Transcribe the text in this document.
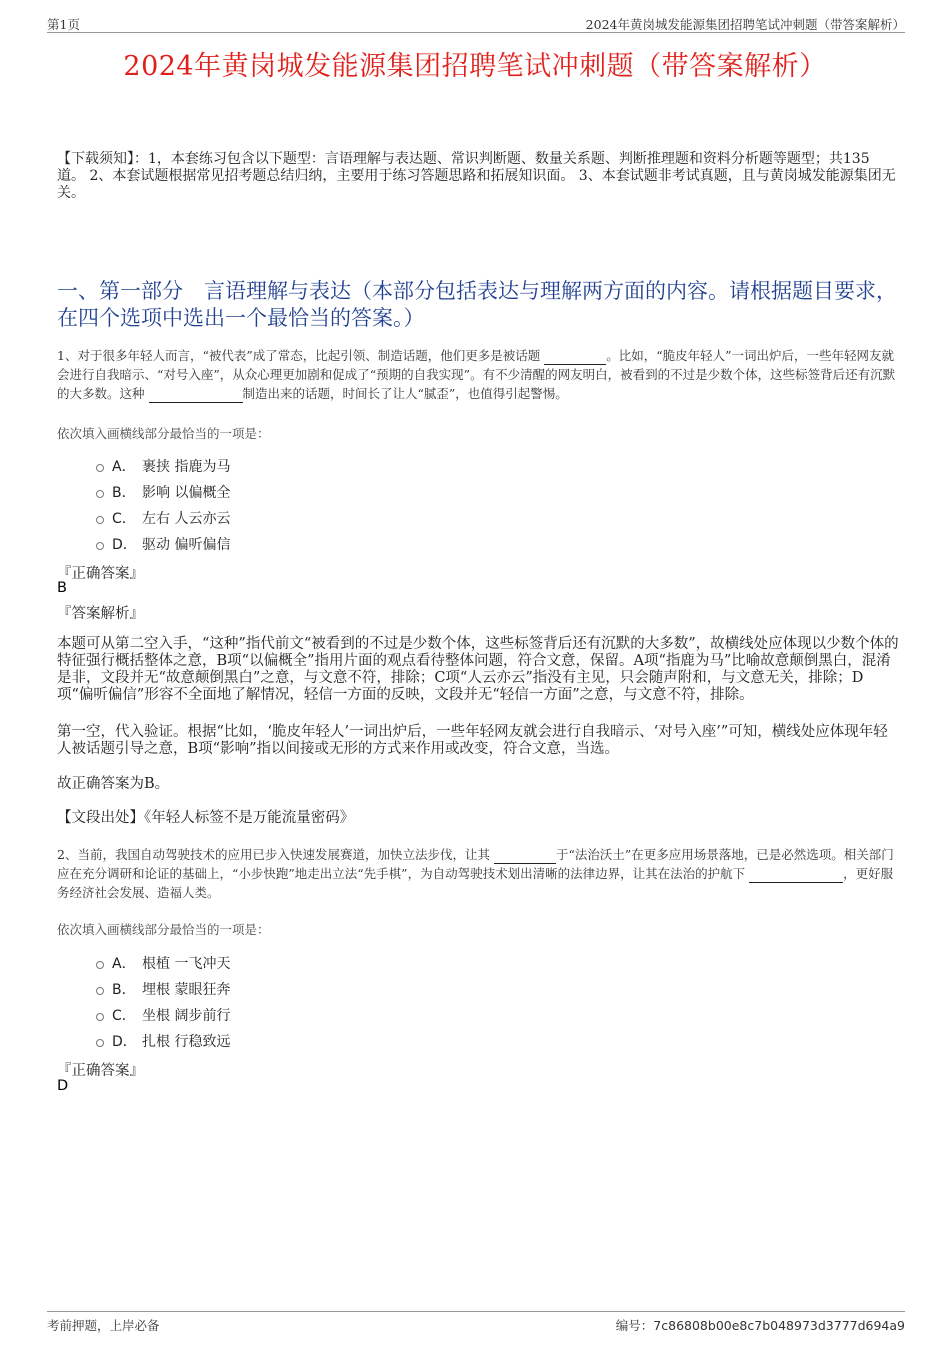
第1页	2024年黄岗城发能源集团招聘笔试冲刺题（带答案解析）
2024年黄岗城发能源集团招聘笔试冲刺题（带答案解析）
【下载须知】：1，本套练习包含以下题型：言语理解与表达题、常识判断题、数量关系题、判断推理题和资料分析题等题型；共135道。 2、本套试题根据常见招考题总结归纳，主要用于练习答题思路和拓展知识面。 3、本套试题非考试真题，且与黄岗城发能源集团无关。
一、第一部分　言语理解与表达（本部分包括表达与理解两方面的内容。请根据题目要求，在四个选项中选出一个最恰当的答案。）
1、对于很多年轻人而言，“被代表”成了常态，比起引领、制造话题，他们更多是被话题	。比如，“脆皮年轻人”一词出炉后，一些年轻网友就会进行自我暗示、“对号入座”，从众心理更加剧和促成了“预期的自我实现”。有不少清醒的网友明白，被看到的不过是少数个体，这些标签背后还有沉默的大多数。这种	制造出来的话题，时间长了让人“腻歪”，也值得引起警惕。
依次填入画横线部分最恰当的一项是：
A． 裹挟 指鹿为马
B． 影响 以偏概全
C． 左右 人云亦云
D． 驱动 偏听偏信
『正确答案』
B
『答案解析』
本题可从第二空入手，“这种”指代前文“被看到的不过是少数个体，这些标签背后还有沉默的大多数”，故横线处应体现以少数个体的特征强行概括整体之意，B项“以偏概全”指用片面的观点看待整体问题，符合文意，保留。A项“指鹿为马”比喻故意颠倒黑白，混淆是非，文段并无“故意颠倒黑白”之意，与文意不符，排除；C项“人云亦云”指没有主见，只会随声附和，与文意无关，排除；D项“偏听偏信”形容不全面地了解情况，轻信一方面的反映，文段并无“轻信一方面”之意，与文意不符，排除。
第一空，代入验证。根据“比如，‘脆皮年轻人’一词出炉后，一些年轻网友就会进行自我暗示、‘对号入座’”可知，横线处应体现年轻人被话题引导之意，B项“影响”指以间接或无形的方式来作用或改变，符合文意，当选。
故正确答案为B。
【文段出处】《年轻人标签不是万能流量密码》
2、当前，我国自动驾驶技术的应用已步入快速发展赛道，加快立法步伐，让其	于“法治沃土”在更多应用场景落地，已是必然选项。相关部门应在充分调研和论证的基础上，“小步快跑”地走出立法“先手棋”，为自动驾驶技术划出清晰的法律边界，让其在法治的护航下	，更好服务经济社会发展、造福人类。
依次填入画横线部分最恰当的一项是：
A． 根植 一飞冲天
B． 埋根 蒙眼狂奔
C． 坐根 阔步前行
D． 扎根 行稳致远
『正确答案』
D
考前押题，上岸必备	编号：7c86808b00e8c7b048973d3777d694a9
